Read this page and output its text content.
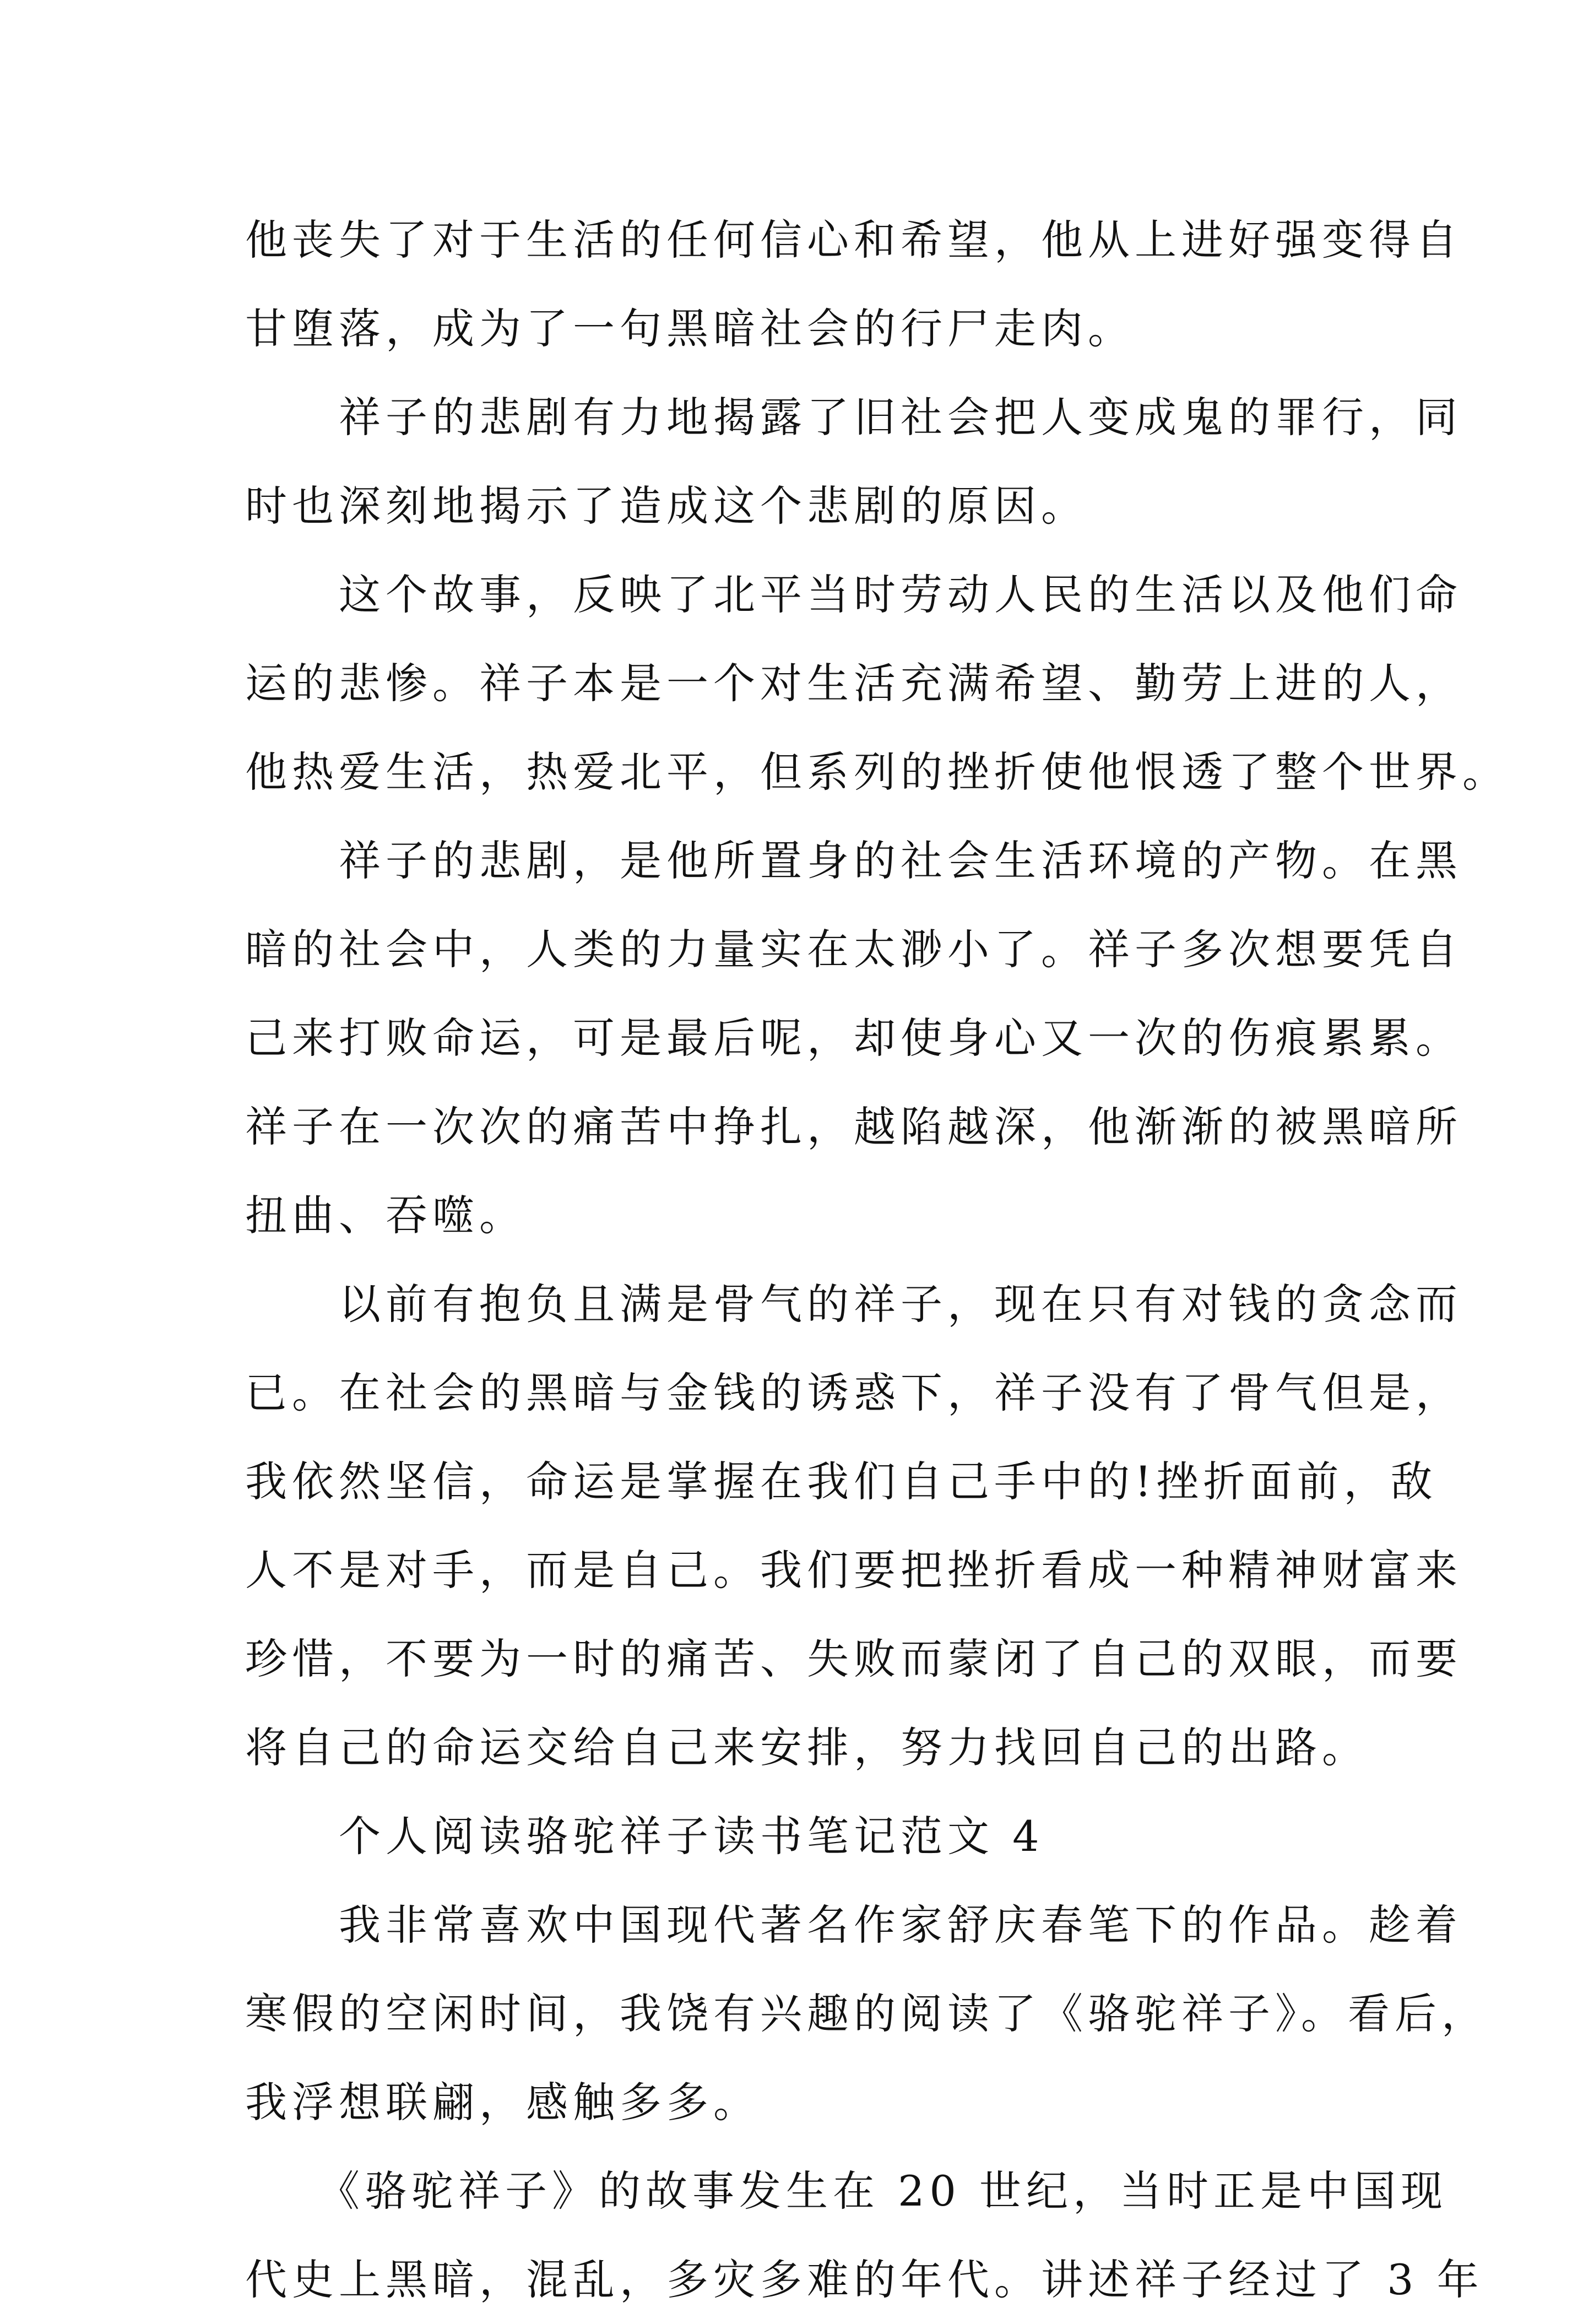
他丧失了对于生活的任何信心和希望，他从上进好强变得自
甘堕落，成为了一句黑暗社会的行尸走肉。
　　祥子的悲剧有力地揭露了旧社会把人变成鬼的罪行，同
时也深刻地揭示了造成这个悲剧的原因。
　　这个故事，反映了北平当时劳动人民的生活以及他们命
运的悲惨。祥子本是一个对生活充满希望、勤劳上进的人，
他热爱生活，热爱北平，但系列的挫折使他恨透了整个世界。
　　祥子的悲剧，是他所置身的社会生活环境的产物。在黑
暗的社会中，人类的力量实在太渺小了。祥子多次想要凭自
己来打败命运，可是最后呢，却使身心又一次的伤痕累累。
祥子在一次次的痛苦中挣扎，越陷越深，他渐渐的被黑暗所
扭曲、吞噬。
　　以前有抱负且满是骨气的祥子，现在只有对钱的贪念而
已。在社会的黑暗与金钱的诱惑下，祥子没有了骨气但是，
我依然坚信，命运是掌握在我们自己手中的!挫折面前，敌
人不是对手，而是自己。我们要把挫折看成一种精神财富来
珍惜，不要为一时的痛苦、失败而蒙闭了自己的双眼，而要
将自己的命运交给自己来安排，努力找回自己的出路。
　　个人阅读骆驼祥子读书笔记范文 4
　　我非常喜欢中国现代著名作家舒庆春笔下的作品。趁着
寒假的空闲时间，我饶有兴趣的阅读了《骆驼祥子》。看后，
我浮想联翩，感触多多。
　　《骆驼祥子》的故事发生在 20 世纪，当时正是中国现
代史上黑暗，混乱，多灾多难的年代。讲述祥子经过了 3 年
